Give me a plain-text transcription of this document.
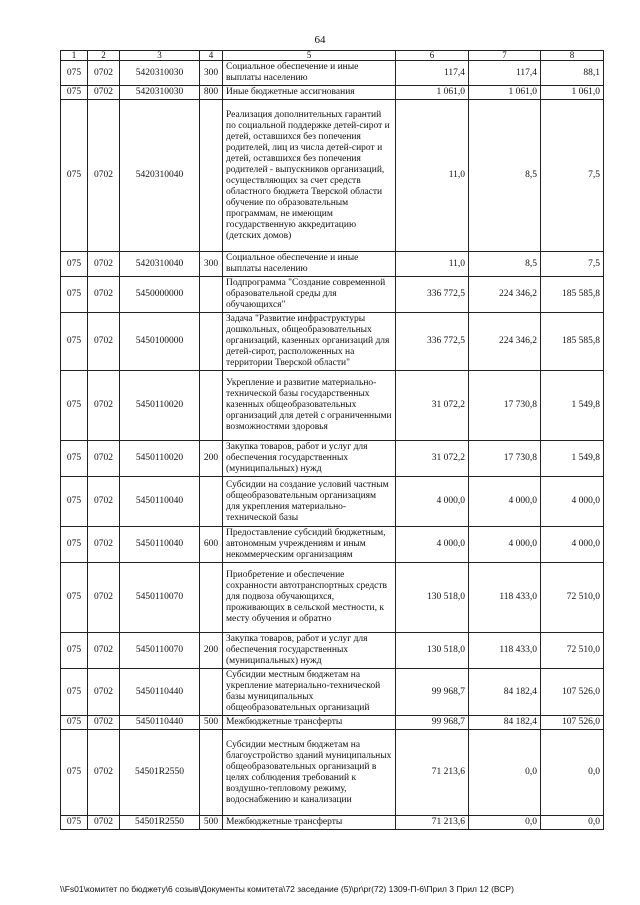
64
1	2	3	4	5	6	7	8
075	0702	5420310030	300	Социальное обеспечение и иные выплаты населению	117,4	117,4	88,1
075	0702	5420310030	800	Иные бюджетные ассигнования	1 061,0	1 061,0	1 061,0
075	0702	5420310040		Реализация дополнительных гарантий по социальной поддержке детей-сирот и детей, оставшихся без попечения родителей, лиц из числа детей-сирот и детей, оставшихся без попечения родителей - выпускников организаций, осуществляющих за счет средств областного бюджета Тверской области обучение по образовательным программам, не имеющим государственную аккредитацию (детских домов)	11,0	8,5	7,5
075	0702	5420310040	300	Социальное обеспечение и иные выплаты населению	11,0	8,5	7,5
075	0702	5450000000		Подпрограмма "Создание современной образовательной среды для обучающихся"	336 772,5	224 346,2	185 585,8
075	0702	5450100000		Задача "Развитие инфраструктуры дошкольных, общеобразовательных организаций, казенных организаций для детей-сирот, расположенных на территории Тверской области"	336 772,5	224 346,2	185 585,8
075	0702	5450110020		Укрепление и развитие материально-технической базы государственных казенных общеобразовательных организаций для детей с ограниченными возможностями здоровья	31 072,2	17 730,8	1 549,8
075	0702	5450110020	200	Закупка товаров, работ и услуг для обеспечения государственных (муниципальных) нужд	31 072,2	17 730,8	1 549,8
075	0702	5450110040		Субсидии на создание условий частным общеобразовательным организациям для укрепления материально-технической базы	4 000,0	4 000,0	4 000,0
075	0702	5450110040	600	Предоставление субсидий бюджетным, автономным учреждениям и иным некоммерческим организациям	4 000,0	4 000,0	4 000,0
075	0702	5450110070		Приобретение и обеспечение сохранности автотранспортных средств для подвоза обучающихся, проживающих в сельской местности, к месту обучения и обратно	130 518,0	118 433,0	72 510,0
075	0702	5450110070	200	Закупка товаров, работ и услуг для обеспечения государственных (муниципальных) нужд	130 518,0	118 433,0	72 510,0
075	0702	5450110440		Субсидии местным бюджетам на укрепление материально-технической базы муниципальных общеобразовательных организаций	99 968,7	84 182,4	107 526,0
075	0702	5450110440	500	Межбюджетные трансферты	99 968,7	84 182,4	107 526,0
075	0702	54501R2550		Субсидии местным бюджетам на благоустройство зданий муниципальных общеобразовательных организаций в целях соблюдения требований к воздушно-тепловому режиму, водоснабжению и канализации	71 213,6	0,0	0,0
075	0702	54501R2550	500	Межбюджетные трансферты	71 213,6	0,0	0,0
\\Fs01\комитет по бюджету\6 созыв\Документы комитета\72 заседание (5)\pr\pr(72) 1309-П-6\Прил 3 Прил 12 (ВСР)
